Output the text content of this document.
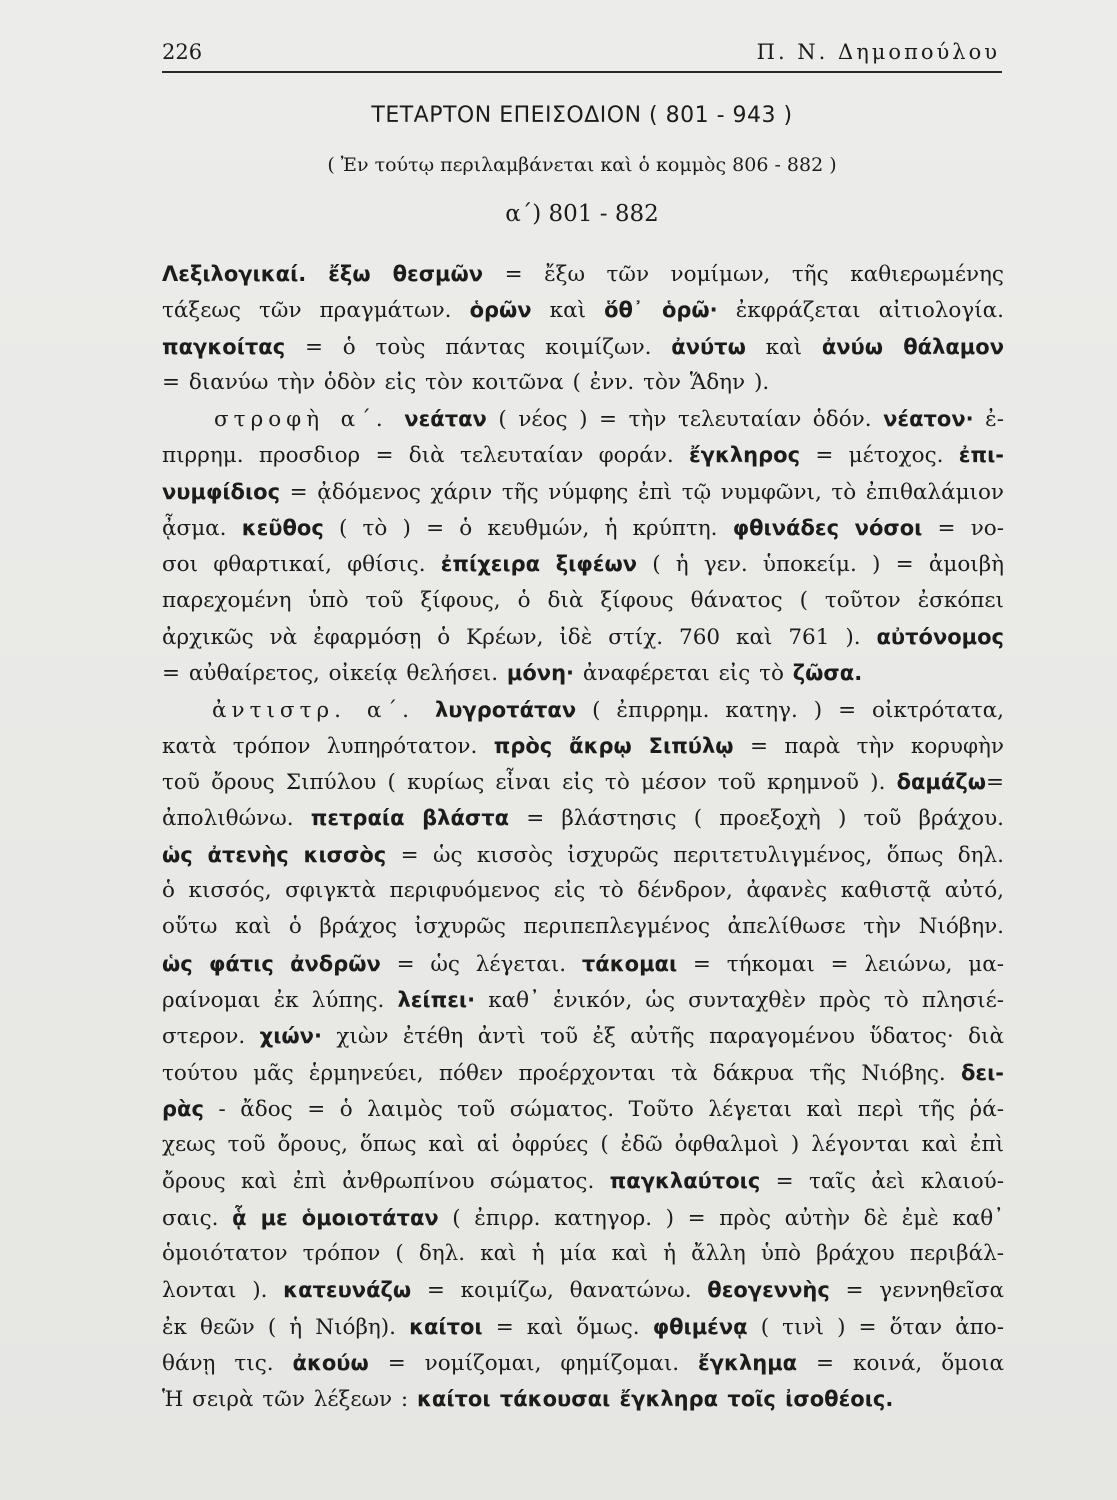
226	Π. Ν. Δημοπούλου
ΤΕΤΑΡΤΟΝ ΕΠΕΙΣΟΔΙΟΝ ( 801 - 943 )
( Ἐν τούτῳ περιλαμβάνεται καὶ ὁ κομμὸς 806 - 882 )
α΄) 801 - 882
Λεξιλογικαί. ἔξω θεσμῶν = ἔξω τῶν νομίμων, τῆς καθιερωμένης
τάξεως τῶν πραγμάτων. ὁρῶν καὶ ὅθ᾿ ὁρῶ· ἐκφράζεται αἰτιολογία.
παγκοίτας = ὁ τοὺς πάντας κοιμίζων. ἀνύτω καὶ ἀνύω θάλαμον
= διανύω τὴν ὁδὸν εἰς τὸν κοιτῶνα ( ἐνν. τὸν Ἅδην ).
στροφὴ α΄. νεάταν ( νέος ) = τὴν τελευταίαν ὁδόν. νέατον· ἐ-
πιρρημ. προσδιορ = διὰ τελευταίαν φοράν. ἔγκληρος = μέτοχος. ἐπι-
νυμφίδιος = ᾀδόμενος χάριν τῆς νύμφης ἐπὶ τῷ νυμφῶνι, τὸ ἐπιθαλάμιον
ᾆσμα. κεῦθος ( τὸ ) = ὁ κευθμών, ἡ κρύπτη. φθινάδες νόσοι = νο-
σοι φθαρτικαί, φθίσις. ἐπίχειρα ξιφέων ( ἡ γεν. ὑποκείμ. ) = ἀμοιβὴ
παρεχομένη ὑπὸ τοῦ ξίφους, ὁ διὰ ξίφους θάνατος ( τοῦτον ἐσκόπει
ἀρχικῶς νὰ ἐφαρμόσῃ ὁ Κρέων, ἰδὲ στίχ. 760 καὶ 761 ). αὐτόνομος
= αὐθαίρετος, οἰκείᾳ θελήσει. μόνη· ἀναφέρεται εἰς τὸ ζῶσα.
ἀντιστρ. α΄. λυγροτάταν ( ἐπιρρημ. κατηγ. ) = οἰκτρότατα,
κατὰ τρόπον λυπηρότατον. πρὸς ἄκρῳ Σιπύλῳ = παρὰ τὴν κορυφὴν
τοῦ ὄρους Σιπύλου ( κυρίως εἶναι εἰς τὸ μέσον τοῦ κρημνοῦ ). δαμάζω=
ἀπολιθώνω. πετραία βλάστα = βλάστησις ( προεξοχὴ ) τοῦ βράχου.
ὡς ἀτενὴς κισσὸς = ὡς κισσὸς ἰσχυρῶς περιτετυλιγμένος, ὅπως δηλ.
ὁ κισσός, σφιγκτὰ περιφυόμενος εἰς τὸ δένδρον, ἀφανὲς καθιστᾷ αὐτό,
οὕτω καὶ ὁ βράχος ἰσχυρῶς περιπεπλεγμένος ἀπελίθωσε τὴν Νιόβην.
ὡς φάτις ἀνδρῶν = ὡς λέγεται. τάκομαι = τήκομαι = λειώνω, μα-
ραίνομαι ἐκ λύπης. λείπει· καθ᾿ ἑνικόν, ὡς συνταχθὲν πρὸς τὸ πλησιέ-
στερον. χιών· χιὼν ἐτέθη ἀντὶ τοῦ ἐξ αὐτῆς παραγομένου ὕδατος· διὰ
τούτου μᾶς ἑρμηνεύει, πόθεν προέρχονται τὰ δάκρυα τῆς Νιόβης. δει-
ρὰς - ἄδος = ὁ λαιμὸς τοῦ σώματος. Τοῦτο λέγεται καὶ περὶ τῆς ῥά-
χεως τοῦ ὄρους, ὅπως καὶ αἱ ὀφρύες ( ἐδῶ ὀφθαλμοὶ ) λέγονται καὶ ἐπὶ
ὄρους καὶ ἐπὶ ἀνθρωπίνου σώματος. παγκλαύτοις = ταῖς ἀεὶ κλαιού-
σαις. ᾇ με ὁμοιοτάταν ( ἐπιρρ. κατηγορ. ) = πρὸς αὐτὴν δὲ ἐμὲ καθ᾿
ὁμοιότατον τρόπον ( δηλ. καὶ ἡ μία καὶ ἡ ἄλλη ὑπὸ βράχου περιβάλ-
λονται ). κατευνάζω = κοιμίζω, θανατώνω. θεογεννὴς = γεννηθεῖσα
ἐκ θεῶν ( ἡ Νιόβη). καίτοι = καὶ ὅμως. φθιμένᾳ ( τινὶ ) = ὅταν ἀπο-
θάνῃ τις. ἀκούω = νομίζομαι, φημίζομαι. ἔγκλημα = κοινά, ὅμοια
Ἡ σειρὰ τῶν λέξεων : καίτοι τάκουσαι ἔγκληρα τοῖς ἰσοθέοις.
